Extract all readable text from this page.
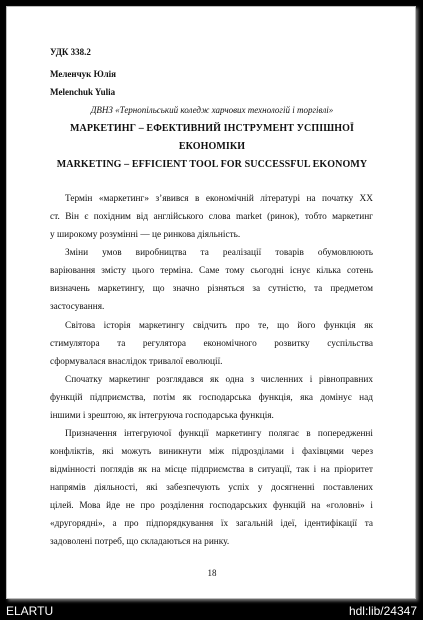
УДК 338.2
Меленчук Юлія
Melenchuk Yulia
ДВНЗ «Тернопільський коледж харчових технологій і торгівлі»
МАРКЕТИНГ – ЕФЕКТИВНИЙ ІНСТРУМЕНТ УСПІШНОЇ
ЕКОНОМІКИ
MARKETING – EFFICIENT TOOL FOR SUCCESSFUL EKONOMY
Термін «маркетинг» з’явився в економічній літературі на початку ХХ
ст. Він є похідним від англійського слова market (ринок), тобто маркетинг
у широкому розумінні — це ринкова діяльність.
Зміни умов виробництва та реалізації товарів обумовлюють
варіювання змісту цього терміна. Саме тому сьогодні існує кілька сотень
визначень маркетингу, що значно різняться за сутністю, та предметом
застосування.
Світова історія маркетингу свідчить про те, що його функція як
стимулятора та регулятора економічного розвитку суспільства
сформувалася внаслідок тривалої еволюції.
Спочатку маркетинг розглядався як одна з численних і рівноправних
функцій підприємства, потім як господарська функція, яка домінує над
іншими і зрештою, як інтегруюча господарська функція.
Призначення інтегруючої функції маркетингу полягає в попередженні
конфліктів, які можуть виникнути між підрозділами і фахівцями через
відмінності поглядів як на місце підприємства в ситуації, так і на пріоритет
напрямів діяльності, які забезпечують успіх у досягненні поставлених
цілей. Мова йде не про розділення господарських функцій на «головні» і
«другорядні», а про підпорядкування їх загальній ідеї, ідентифікації та
задоволені потреб, що складаються на ринку.
18
ELARTU	hdl:lib/24347
